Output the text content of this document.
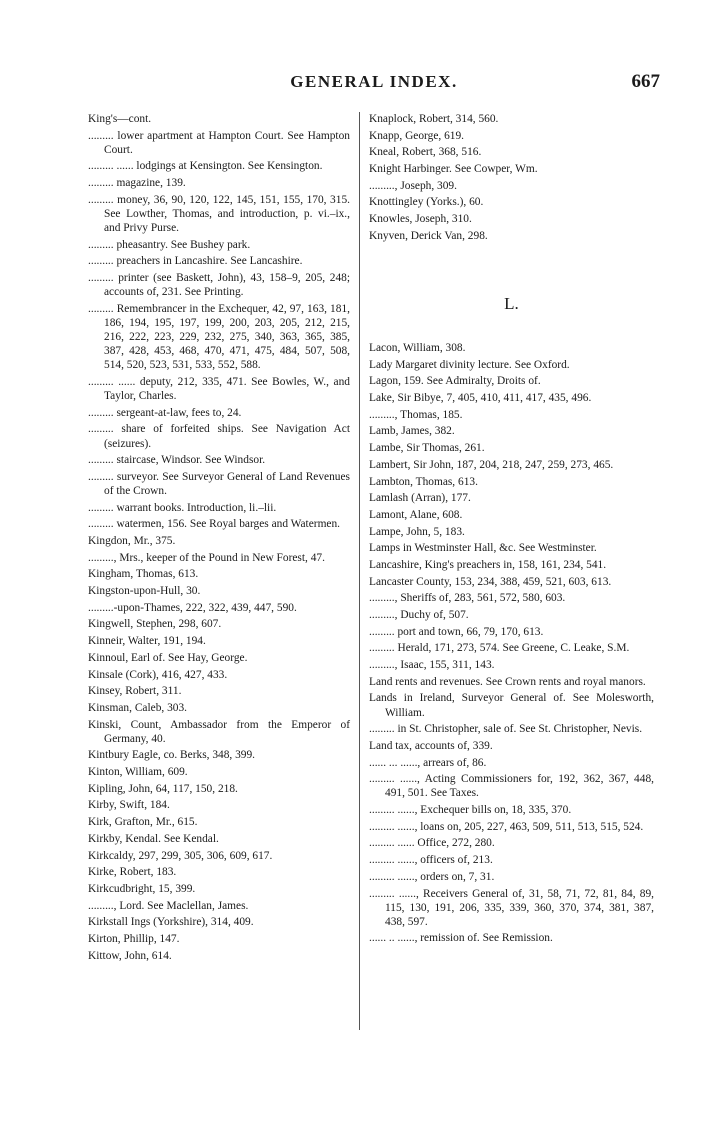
GENERAL INDEX.	667
King's—cont.
......... lower apartment at Hampton Court. See Hampton Court.
......... ...... lodgings at Kensington. See Kensington.
......... magazine, 139.
......... money, 36, 90, 120, 122, 145, 151, 155, 170, 315. See Lowther, Thomas, and introduction, p. vi.–ix., and Privy Purse.
......... pheasantry. See Bushey park.
......... preachers in Lancashire. See Lancashire.
......... printer (see Baskett, John), 43, 158–9, 205, 248; accounts of, 231. See Printing.
......... Remembrancer in the Exchequer, 42, 97, 163, 181, 186, 194, 195, 197, 199, 200, 203, 205, 212, 215, 216, 222, 223, 229, 232, 275, 340, 363, 365, 385, 387, 428, 453, 468, 470, 471, 475, 484, 507, 508, 514, 520, 523, 531, 533, 552, 588.
......... ...... deputy, 212, 335, 471. See Bowles, W., and Taylor, Charles.
......... sergeant-at-law, fees to, 24.
......... share of forfeited ships. See Navigation Act (seizures).
......... staircase, Windsor. See Windsor.
......... surveyor. See Surveyor General of Land Revenues of the Crown.
......... warrant books. Introduction, li.–lii.
......... watermen, 156. See Royal barges and Watermen.
Kingdon, Mr., 375.
........., Mrs., keeper of the Pound in New Forest, 47.
Kingham, Thomas, 613.
Kingston-upon-Hull, 30.
.........-upon-Thames, 222, 322, 439, 447, 590.
Kingwell, Stephen, 298, 607.
Kinneir, Walter, 191, 194.
Kinnoul, Earl of. See Hay, George.
Kinsale (Cork), 416, 427, 433.
Kinsey, Robert, 311.
Kinsman, Caleb, 303.
Kinski, Count, Ambassador from the Emperor of Germany, 40.
Kintbury Eagle, co. Berks, 348, 399.
Kinton, William, 609.
Kipling, John, 64, 117, 150, 218.
Kirby, Swift, 184.
Kirk, Grafton, Mr., 615.
Kirkby, Kendal. See Kendal.
Kirkcaldy, 297, 299, 305, 306, 609, 617.
Kirke, Robert, 183.
Kirkcudbright, 15, 399.
........., Lord. See Maclellan, James.
Kirkstall Ings (Yorkshire), 314, 409.
Kirton, Phillip, 147.
Kittow, John, 614.
Knaplock, Robert, 314, 560.
Knapp, George, 619.
Kneal, Robert, 368, 516.
Knight Harbinger. See Cowper, Wm.
........., Joseph, 309.
Knottingley (Yorks.), 60.
Knowles, Joseph, 310.
Knyven, Derick Van, 298.
L.
Lacon, William, 308.
Lady Margaret divinity lecture. See Oxford.
Lagon, 159. See Admiralty, Droits of.
Lake, Sir Bibye, 7, 405, 410, 411, 417, 435, 496.
........., Thomas, 185.
Lamb, James, 382.
Lambe, Sir Thomas, 261.
Lambert, Sir John, 187, 204, 218, 247, 259, 273, 465.
Lambton, Thomas, 613.
Lamlash (Arran), 177.
Lamont, Alane, 608.
Lampe, John, 5, 183.
Lamps in Westminster Hall, &c. See Westminster.
Lancashire, King's preachers in, 158, 161, 234, 541.
Lancaster County, 153, 234, 388, 459, 521, 603, 613.
........., Sheriffs of, 283, 561, 572, 580, 603.
........., Duchy of, 507.
......... port and town, 66, 79, 170, 613.
......... Herald, 171, 273, 574. See Greene, C. Leake, S.M.
........., Isaac, 155, 311, 143.
Land rents and revenues. See Crown rents and royal manors.
Lands in Ireland, Surveyor General of. See Molesworth, William.
......... in St. Christopher, sale of. See St. Christopher, Nevis.
Land tax, accounts of, 339.
...... ... ......, arrears of, 86.
......... ......, Acting Commissioners for, 192, 362, 367, 448, 491, 501. See Taxes.
......... ......, Exchequer bills on, 18, 335, 370.
......... ......, loans on, 205, 227, 463, 509, 511, 513, 515, 524.
......... ...... Office, 272, 280.
......... ......, officers of, 213.
......... ......, orders on, 7, 31.
......... ......, Receivers General of, 31, 58, 71, 72, 81, 84, 89, 115, 130, 191, 206, 335, 339, 360, 370, 374, 381, 387, 438, 597.
...... .. ......, remission of. See Remission.
